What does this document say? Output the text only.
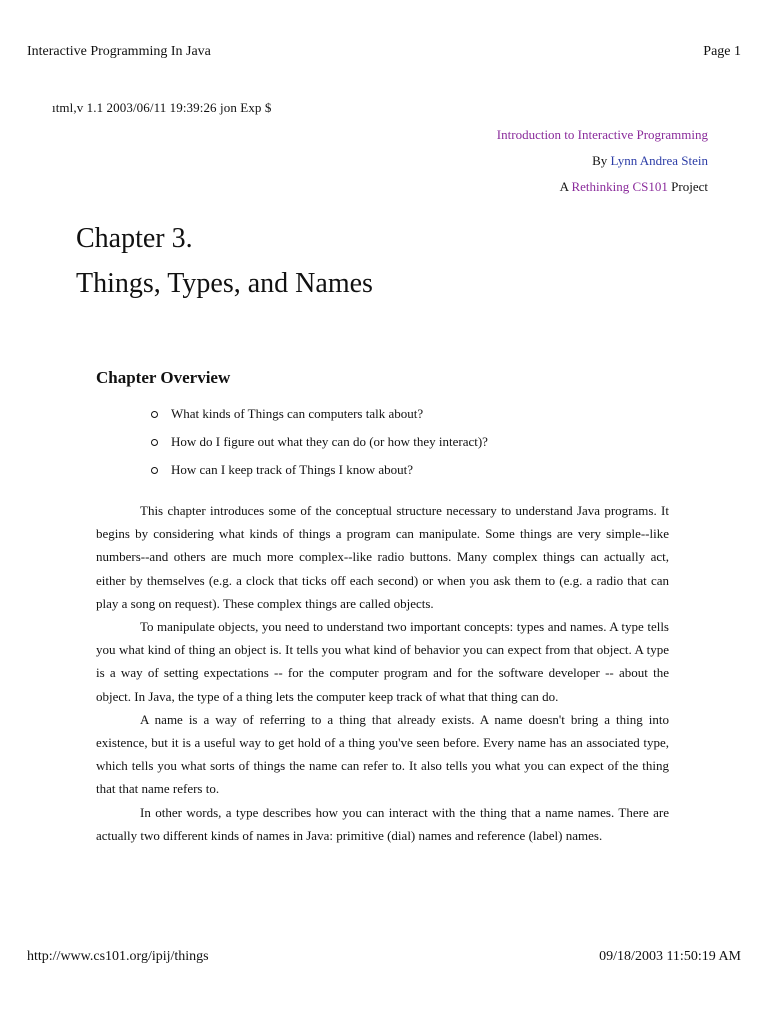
Interactive Programming In Java	Page 1
ıtml,v 1.1 2003/06/11 19:39:26 jon Exp $
Introduction to Interactive Programming
By Lynn Andrea Stein
A Rethinking CS101 Project
Chapter 3.
Things, Types, and Names
Chapter Overview
What kinds of Things can computers talk about?
How do I figure out what they can do (or how they interact)?
How can I keep track of Things I know about?

This chapter introduces some of the conceptual structure necessary to understand Java programs. It begins by considering what kinds of things a program can manipulate. Some things are very simple--like numbers--and others are much more complex--like radio buttons. Many complex things can actually act, either by themselves (e.g. a clock that ticks off each second) or when you ask them to (e.g. a radio that can play a song on request). These complex things are called objects.

To manipulate objects, you need to understand two important concepts: types and names. A type tells you what kind of thing an object is. It tells you what kind of behavior you can expect from that object. A type is a way of setting expectations -- for the computer program and for the software developer -- about the object. In Java, the type of a thing lets the computer keep track of what that thing can do.

A name is a way of referring to a thing that already exists. A name doesn't bring a thing into existence, but it is a useful way to get hold of a thing you've seen before. Every name has an associated type, which tells you what sorts of things the name can refer to. It also tells you what you can expect of the thing that that name refers to.

In other words, a type describes how you can interact with the thing that a name names. There are actually two different kinds of names in Java: primitive (dial) names and reference (label) names.

http://www.cs101.org/ipij/things	09/18/2003 11:50:19 AM
